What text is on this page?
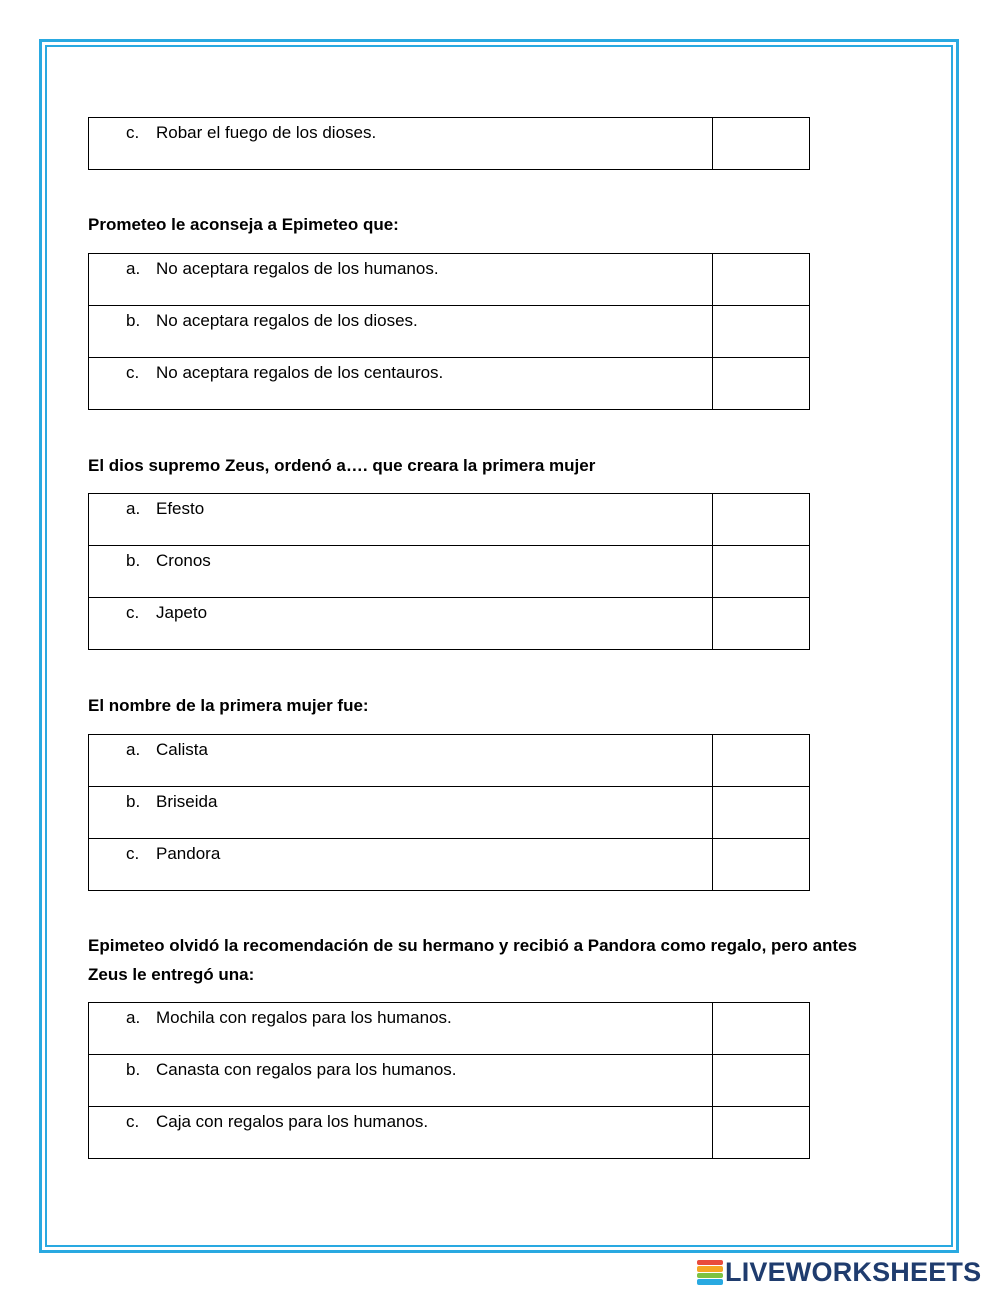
c. Robar el fuego de los dioses.

Prometeo le aconseja a Epimeteo que:
a. No aceptara regalos de los humanos.	

b. No aceptara regalos de los dioses.	

c. No aceptara regalos de los centauros.	

El dios supremo Zeus, ordenó a…. que creara la primera mujer
a. Efesto	

b. Cronos	

c. Japeto	

El nombre de la primera mujer fue:
a. Calista	

b. Briseida	

c. Pandora	

Epimeteo olvidó la recomendación de su hermano y recibió a Pandora como regalo, pero antes Zeus le entregó una:
a. Mochila con regalos para los humanos.	

b. Canasta con regalos para los humanos.	

c. Caja con regalos para los humanos.	

LIVEWORKSHEETS
